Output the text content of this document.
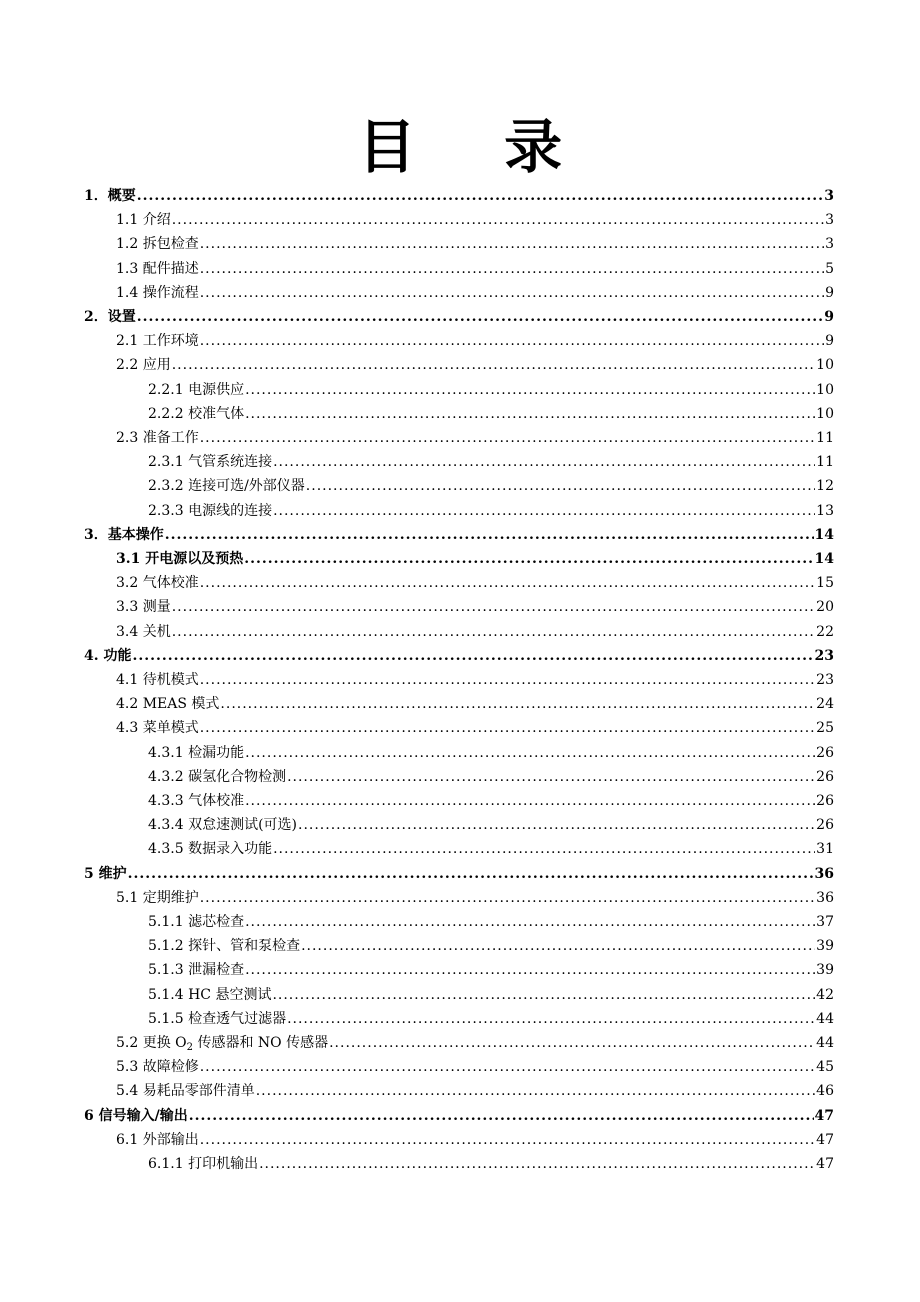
目 录
1．概要 .....	3
1.1 介绍 .....	3
1.2 拆包检查 .....	3
1.3 配件描述 .....	5
1.4 操作流程 .....	9
2．设置 .....	9
2.1 工作环境 .....	9
2.2 应用 .....	10
2.2.1 电源供应 .....	10
2.2.2 校准气体 .....	10
2.3 准备工作 .....	11
2.3.1 气管系统连接 .....	11
2.3.2 连接可选/外部仪器 .....	12
2.3.3 电源线的连接 .....	13
3．基本操作 .....	14
3.1 开电源以及预热 .....	14
3.2 气体校准 .....	15
3.3 测量 .....	20
3.4 关机 .....	22
4. 功能 .....	23
4.1 待机模式 .....	23
4.2 MEAS 模式 .....	24
4.3 菜单模式 .....	25
4.3.1 检漏功能 .....	26
4.3.2 碳氢化合物检测 .....	26
4.3.3 气体校准 .....	26
4.3.4 双怠速测试(可选) .....	26
4.3.5 数据录入功能 .....	31
5 维护 .....	36
5.1 定期维护 .....	36
5.1.1 滤芯检查 .....	37
5.1.2 探针、管和泵检查 .....	39
5.1.3 泄漏检查 .....	39
5.1.4 HC 悬空测试 .....	42
5.1.5 检查透气过滤器 .....	44
5.2 更换 $O_2$ 传感器和 NO 传感器 .....	44
5.3 故障检修 .....	45
5.4 易耗品零部件清单 .....	46
6 信号输入/输出 .....	47
6.1 外部输出 .....	47
6.1.1 打印机输出 .....	47
